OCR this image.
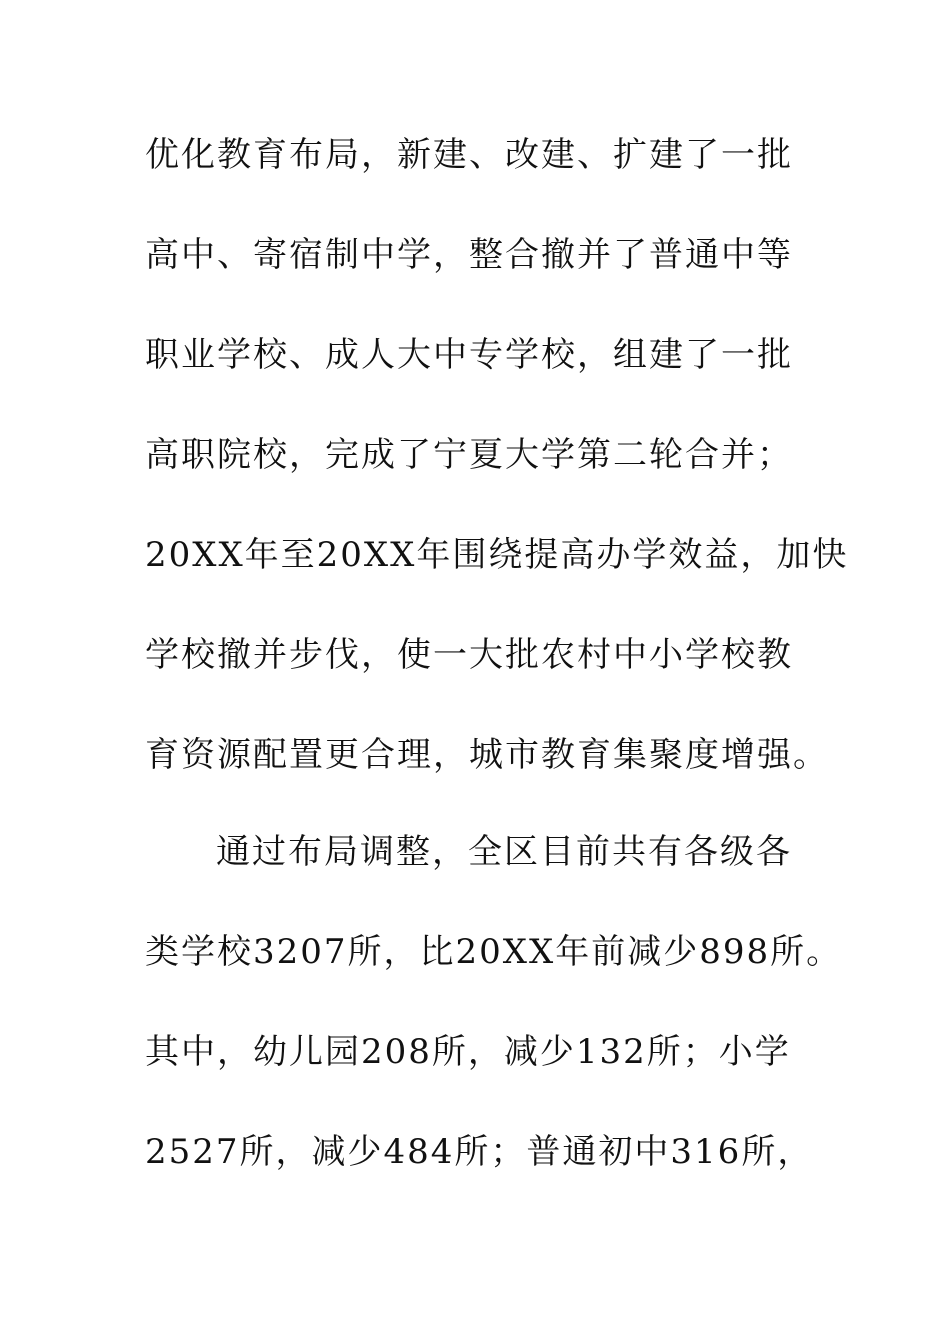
优化教育布局，新建、改建、扩建了一批
高中、寄宿制中学，整合撤并了普通中等
职业学校、成人大中专学校，组建了一批
高职院校，完成了宁夏大学第二轮合并；
20XX年至20XX年围绕提高办学效益，加快
学校撤并步伐，使一大批农村中小学校教
育资源配置更合理，城市教育集聚度增强。
通过布局调整，全区目前共有各级各
类学校3207所，比20XX年前减少898所。
其中，幼儿园208所，减少132所；小学
2527所，减少484所；普通初中316所，
